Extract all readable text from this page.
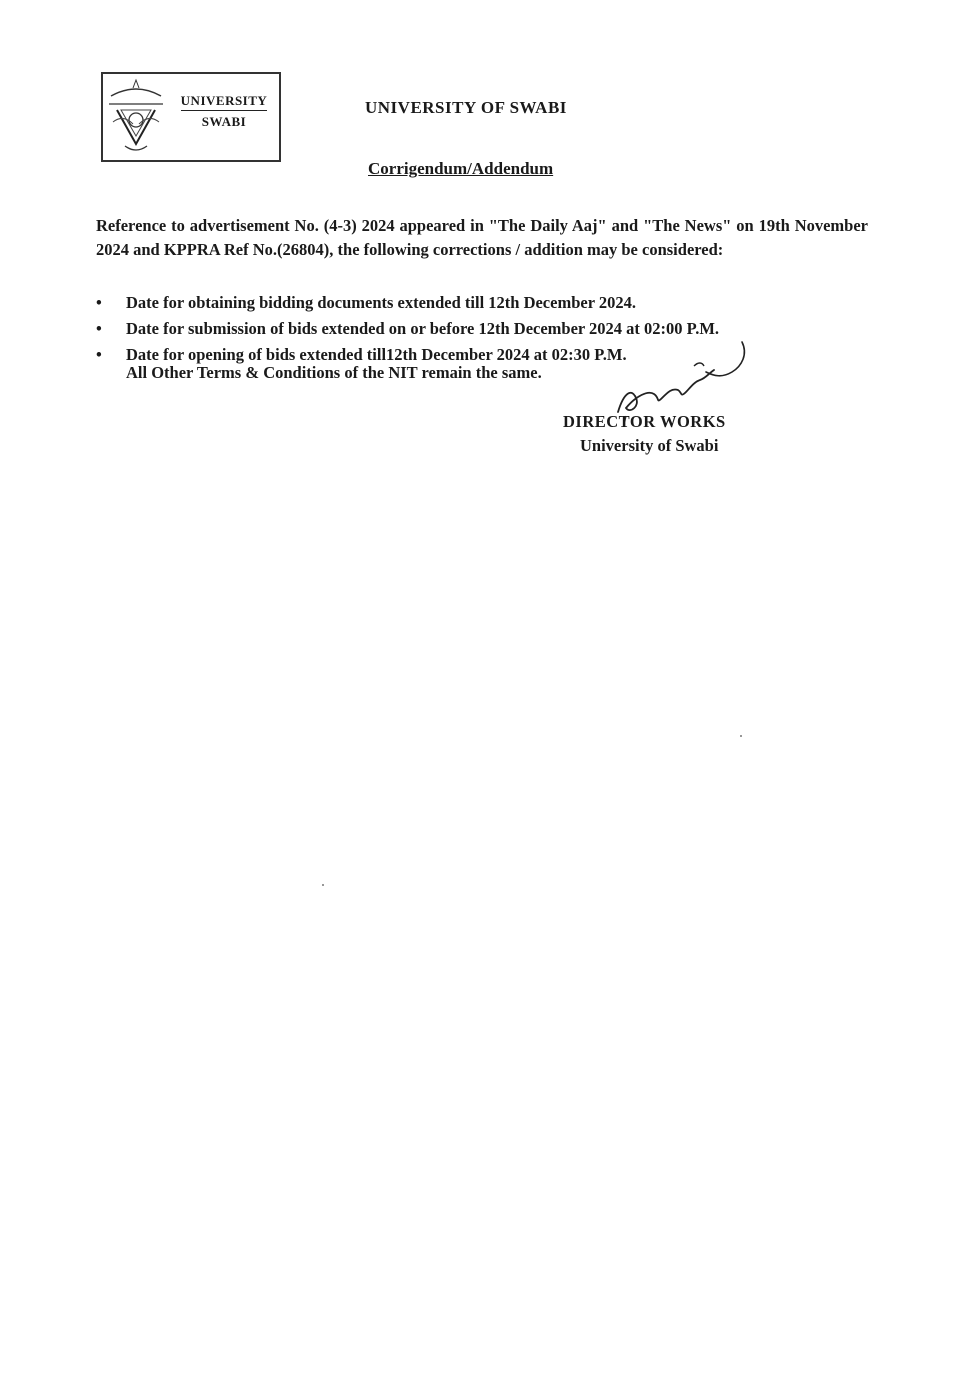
UNIVERSITY
SWABI
UNIVERSITY OF SWABI
Corrigendum/Addendum

Reference to advertisement No. (4-3) 2024 appeared in "The Daily Aaj" and "The News" on 19th November 2024 and KPPRA Ref No.(26804), the following corrections / addition may be considered:

• Date for obtaining bidding documents extended till 12th December 2024.
• Date for submission of bids extended on or before 12th December 2024 at 02:00 P.M.
• Date for opening of bids extended till12th December 2024 at 02:30 P.M.
All Other Terms & Conditions of the NIT remain the same.
DIRECTOR WORKS
University of Swabi
